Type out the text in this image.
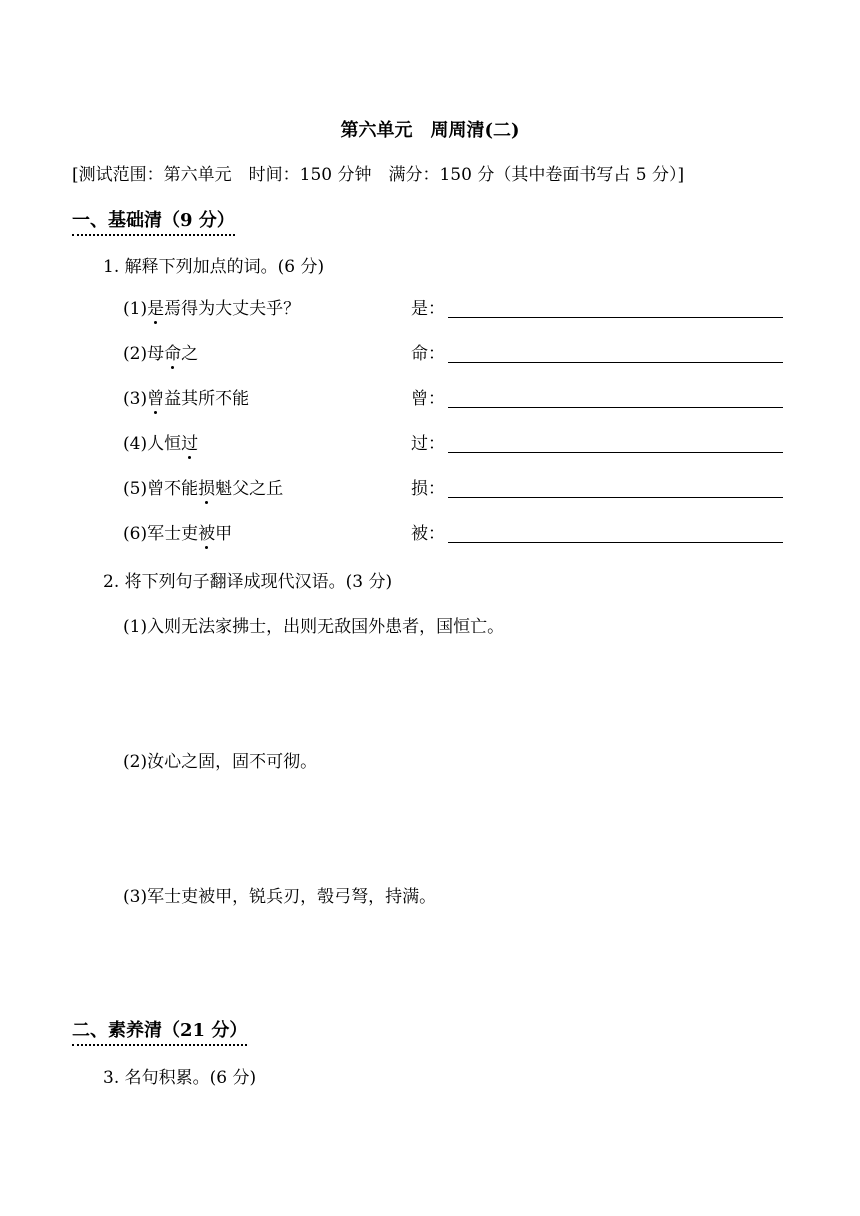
第六单元　周周清(二)
[测试范围：第六单元　时间：150 分钟　满分：150 分（其中卷面书写占 5 分）]
一、基础清（9 分）
1. 解释下列加点的词。(6 分)
(1)是焉得为大丈夫乎？	是：
(2)母命之	命：
(3)曾益其所不能	曾：
(4)人恒过	过：
(5)曾不能损魁父之丘	损：
(6)军士吏被甲	被：
2. 将下列句子翻译成现代汉语。(3 分)
(1)入则无法家拂士，出则无敌国外患者，国恒亡。
(2)汝心之固，固不可彻。
(3)军士吏被甲，锐兵刃，彀弓弩，持满。
二、素养清（21 分）
3. 名句积累。(6 分)
